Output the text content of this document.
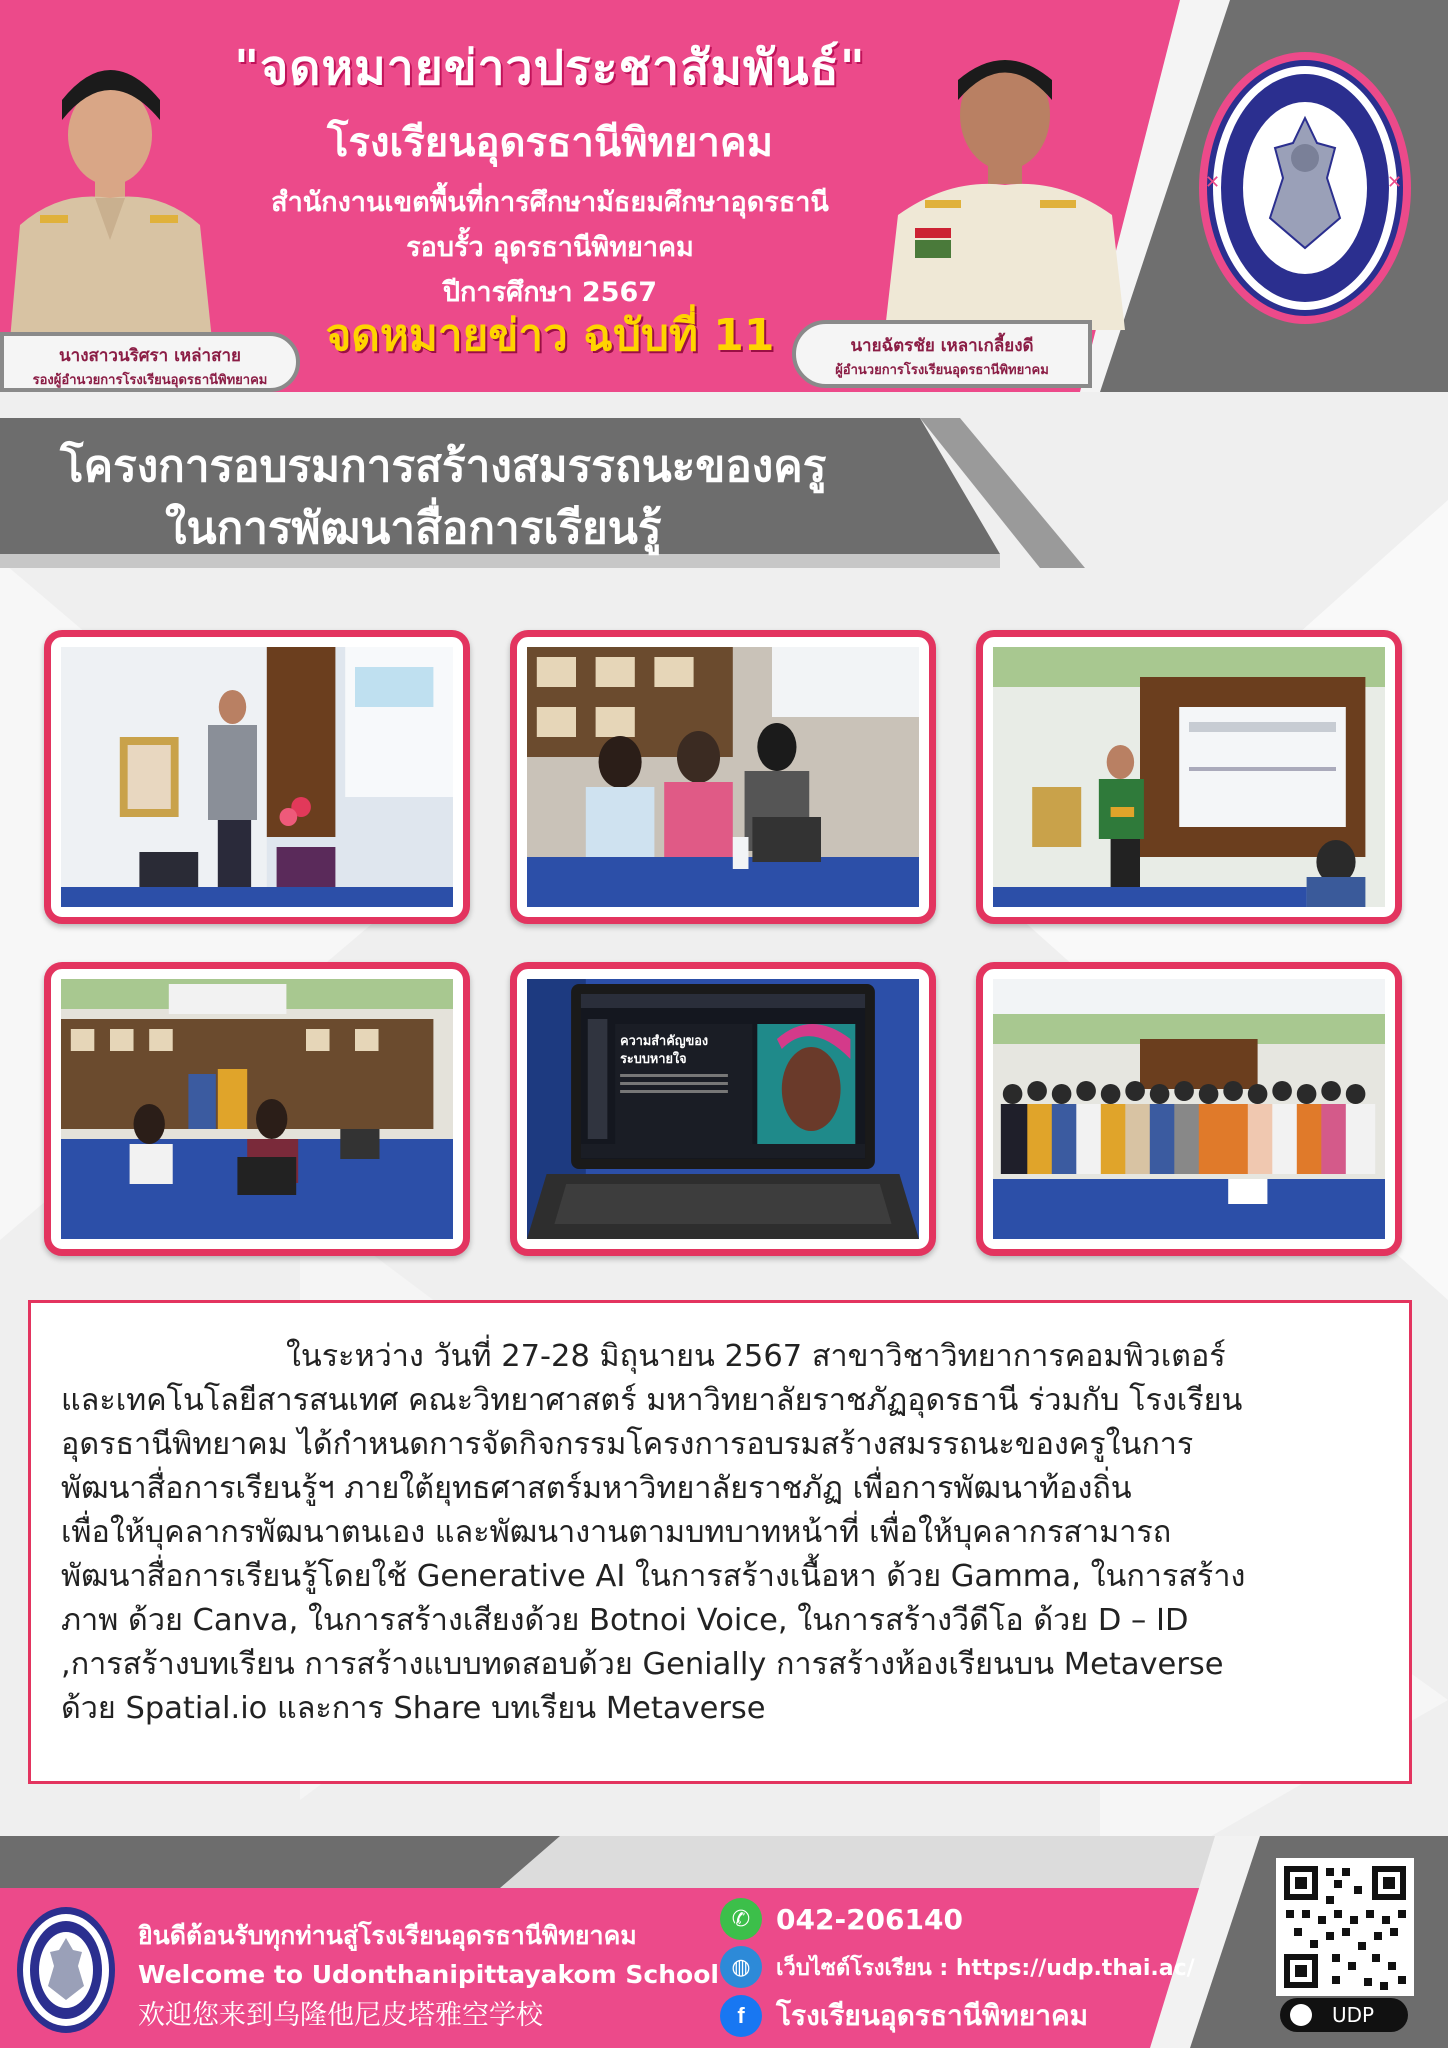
นางสาวนริศรา เหล่าสาย
รองผู้อำนวยการโรงเรียนอุดรธานีพิทยาคม
นายฉัตรชัย เหลาเกลี้ยงดี
ผู้อำนวยการโรงเรียนอุดรธานีพิทยาคม
"จดหมายข่าวประชาสัมพันธ์"
โรงเรียนอุดรธานีพิทยาคม
สำนักงานเขตพื้นที่การศึกษามัธยมศึกษาอุดรธานี
รอบรั้ว อุดรธานีพิทยาคม
ปีการศึกษา 2567
จดหมายข่าว ฉบับที่ 11
✕	✕
โครงการอบรมการสร้างสมรรถนะของครู
ในการพัฒนาสื่อการเรียนรู้
ความสำคัญของ
ระบบหายใจ
ในระหว่าง วันที่ 27-28 มิถุนายน 2567 สาขาวิชาวิทยาการคอมพิวเตอร์
และเทคโนโลยีสารสนเทศ คณะวิทยาศาสตร์ มหาวิทยาลัยราชภัฏอุดรธานี ร่วมกับ โรงเรียน
อุดรธานีพิทยาคม ได้กำหนดการจัดกิจกรรมโครงการอบรมสร้างสมรรถนะของครูในการ
พัฒนาสื่อการเรียนรู้ฯ ภายใต้ยุทธศาสตร์มหาวิทยาลัยราชภัฏ เพื่อการพัฒนาท้องถิ่น
เพื่อให้บุคลากรพัฒนาตนเอง และพัฒนางานตามบทบาทหน้าที่ เพื่อให้บุคลากรสามารถ
พัฒนาสื่อการเรียนรู้โดยใช้ Generative AI ในการสร้างเนื้อหา ด้วย Gamma, ในการสร้าง
ภาพ ด้วย Canva, ในการสร้างเสียงด้วย Botnoi Voice, ในการสร้างวีดีโอ ด้วย D – ID
,การสร้างบทเรียน การสร้างแบบทดสอบด้วย Genially การสร้างห้องเรียนบน Metaverse
ด้วย Spatial.io และการ Share บทเรียน Metaverse
ยินดีต้อนรับทุกท่านสู่โรงเรียนอุดรธานีพิทยาคม
Welcome to Udonthanipittayakom School
欢迎您来到乌隆他尼皮塔雅空学校
✆ 042-206140
◍	เว็บไซต์โรงเรียน : https://udp.thai.ac/
f	โรงเรียนอุดรธานีพิทยาคม	UDP
